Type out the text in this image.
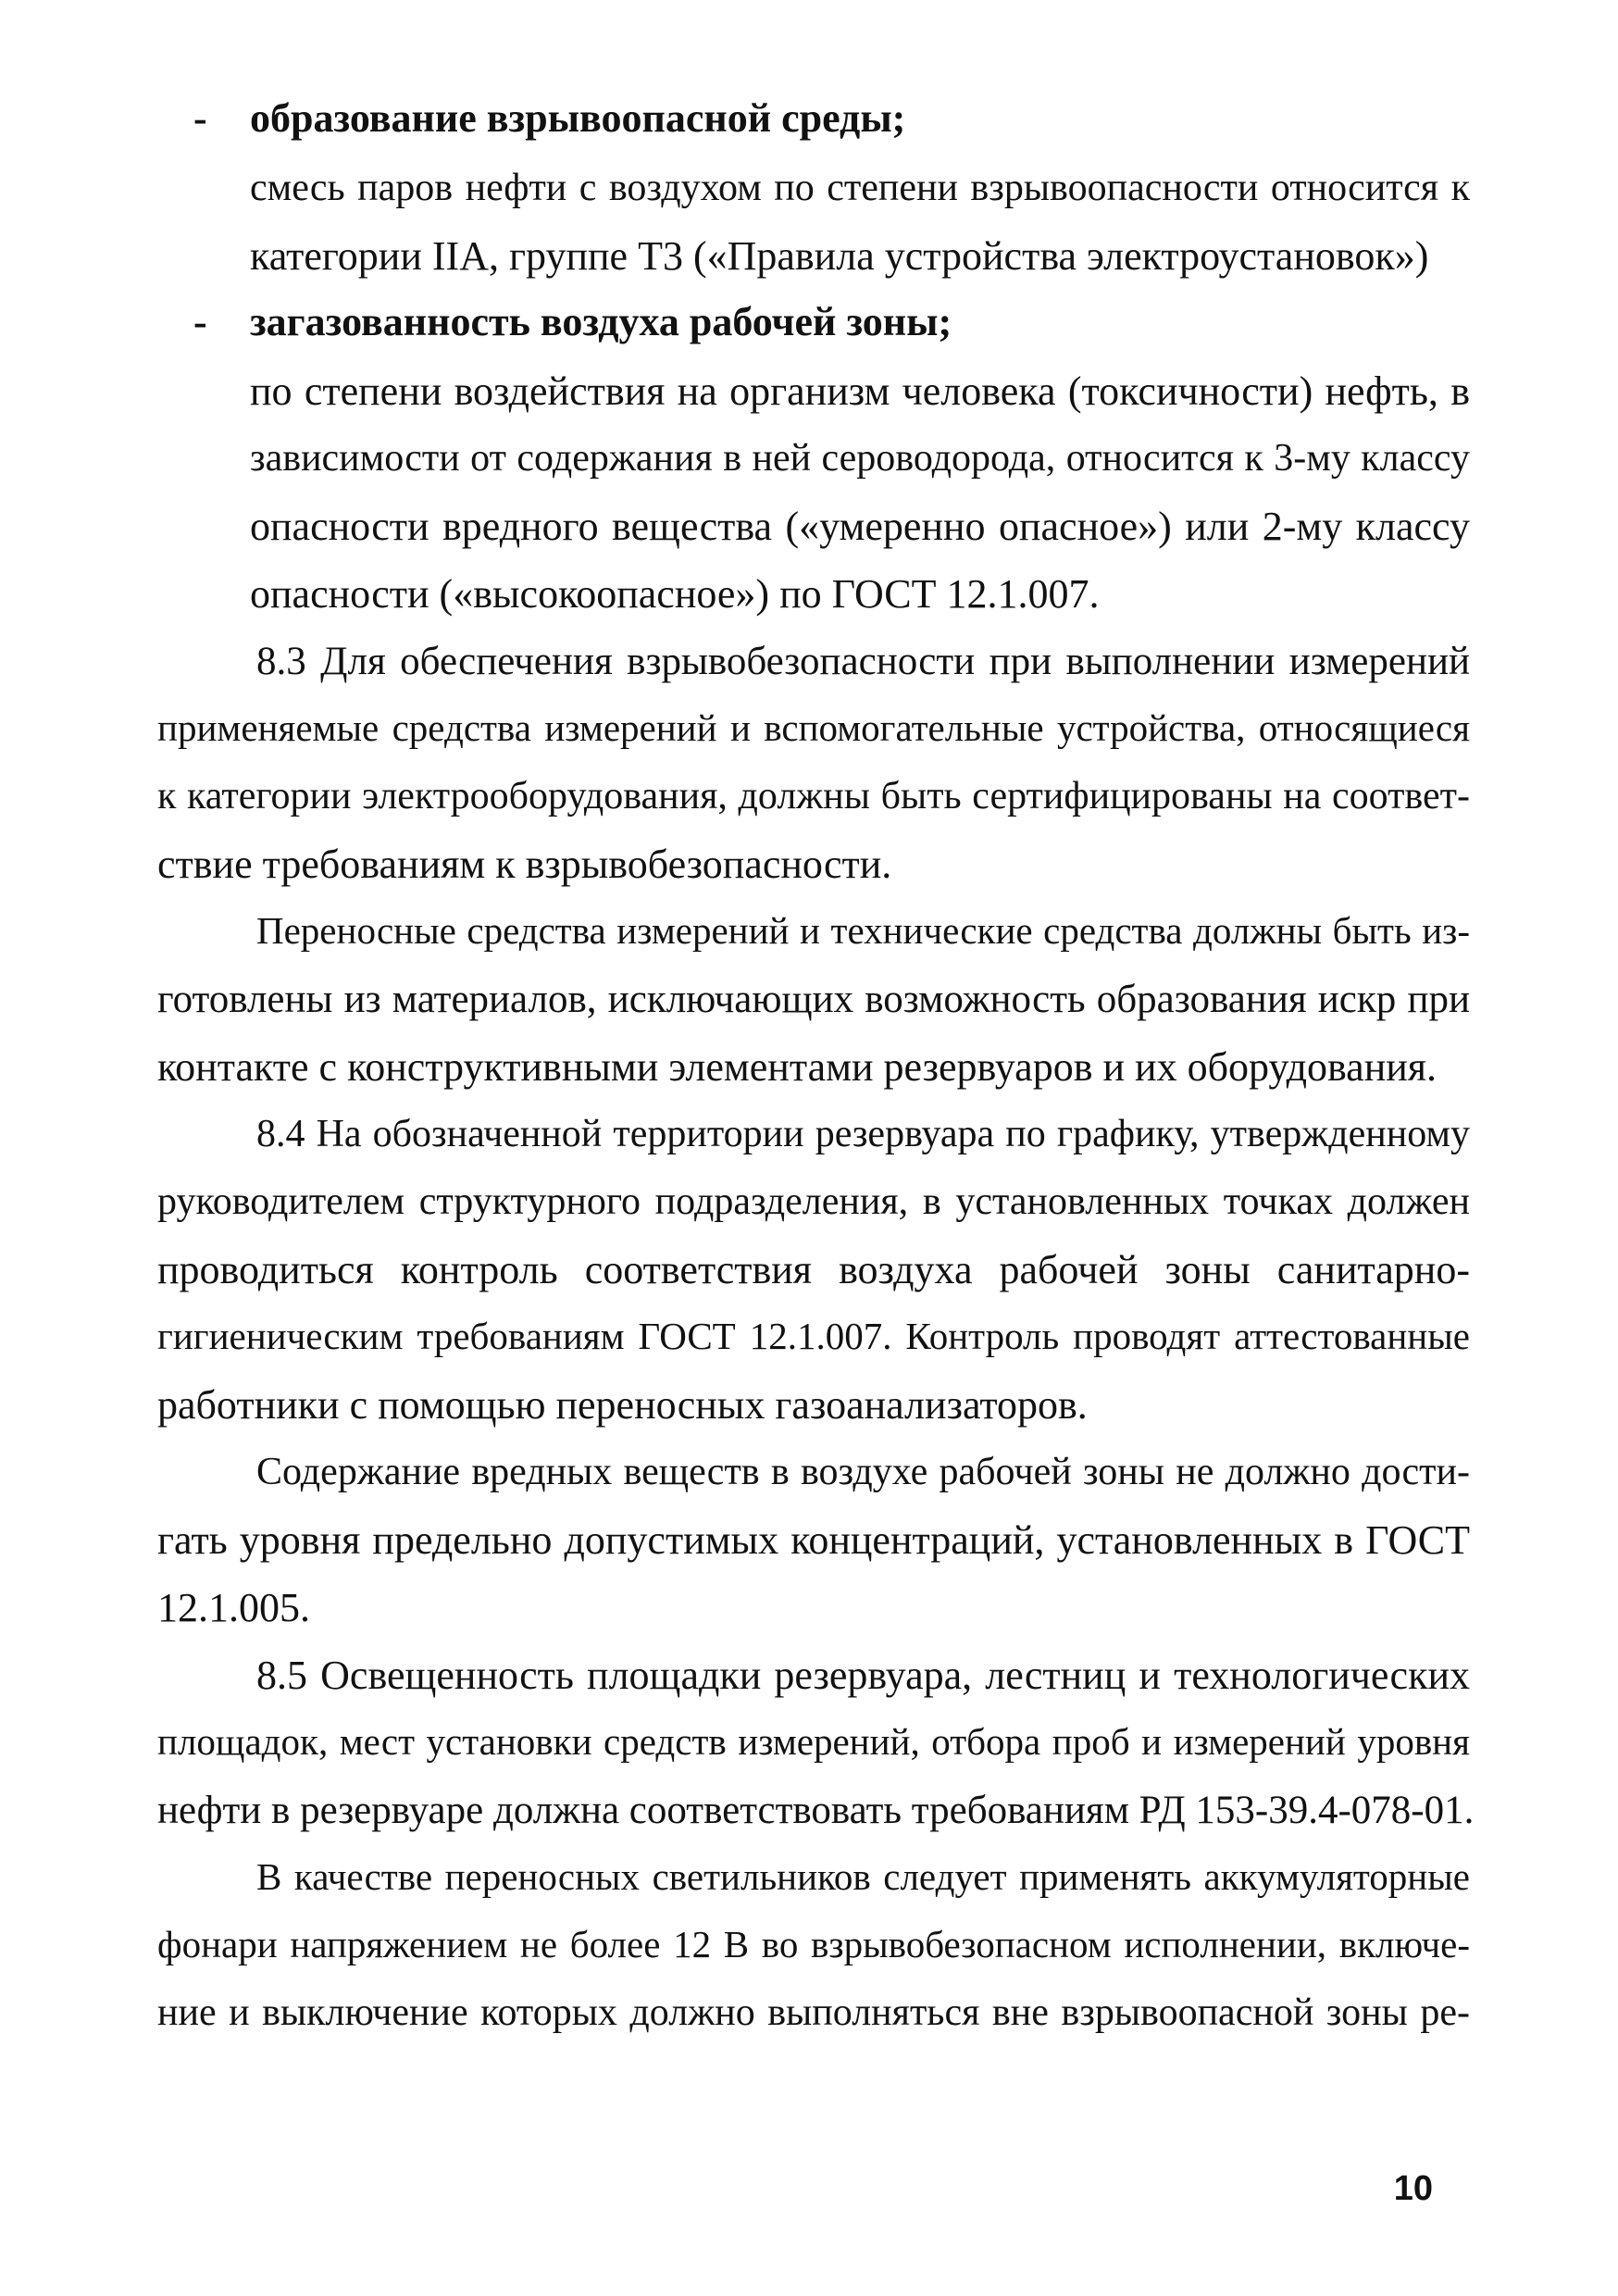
- образование взрывоопасной среды;
смесь паров нефти с воздухом по степени взрывоопасности относится к
категории IIА, группе Т3 («Правила устройства электроустановок»)
- загазованность воздуха рабочей зоны;
по степени воздействия на организм человека (токсичности) нефть, в
зависимости от содержания в ней сероводорода, относится к 3-му классу
опасности вредного вещества («умеренно опасное») или 2-му классу
опасности («высокоопасное») по ГОСТ 12.1.007.
8.3 Для обеспечения взрывобезопасности при выполнении измерений
применяемые средства измерений и вспомогательные устройства, относящиеся
к категории электрооборудования, должны быть сертифицированы на соответ-
ствие требованиям к взрывобезопасности.
Переносные средства измерений и технические средства должны быть из-
готовлены из материалов, исключающих возможность образования искр при
контакте с конструктивными элементами резервуаров и их оборудования.
8.4 На обозначенной территории резервуара по графику, утвержденному
руководителем структурного подразделения, в установленных точках должен
проводиться контроль соответствия воздуха рабочей зоны санитарно-
гигиеническим требованиям ГОСТ 12.1.007. Контроль проводят аттестованные
работники с помощью переносных газоанализаторов.
Содержание вредных веществ в воздухе рабочей зоны не должно дости-
гать уровня предельно допустимых концентраций, установленных в ГОСТ
12.1.005.
8.5 Освещенность площадки резервуара, лестниц и технологических
площадок, мест установки средств измерений, отбора проб и измерений уровня
нефти в резервуаре должна соответствовать требованиям РД 153-39.4-078-01.
В качестве переносных светильников следует применять аккумуляторные
фонари напряжением не более 12 В во взрывобезопасном исполнении, включе-
ние и выключение которых должно выполняться вне взрывоопасной зоны ре-
10
